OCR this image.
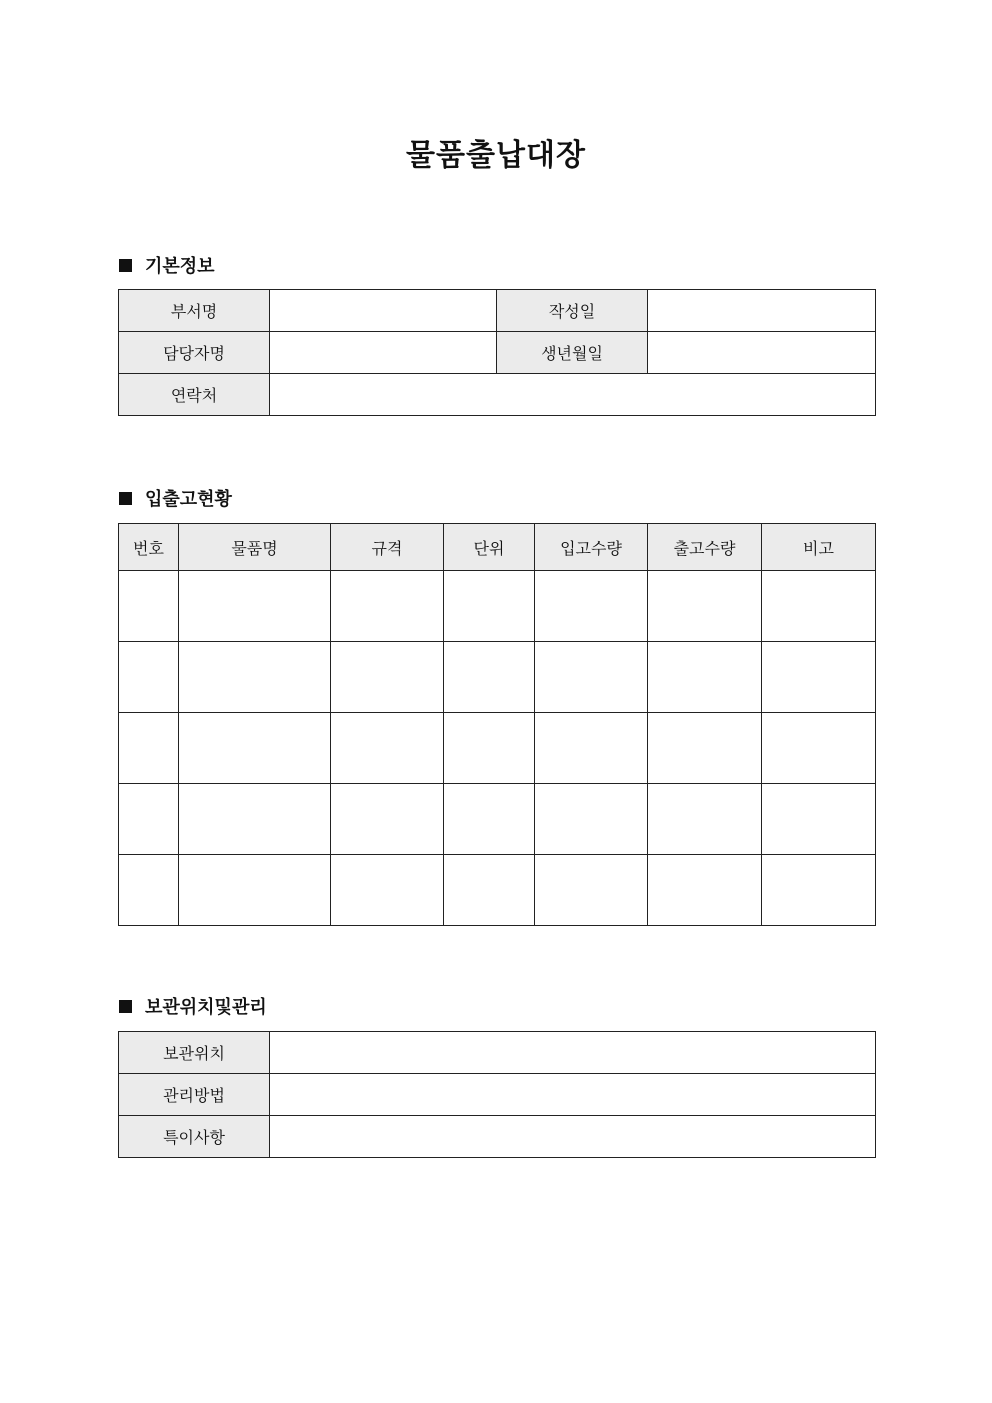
물품출납대장
기본정보
부서명		작성일	
담당자명		생년월일	
연락처			
입출고현황
번호	물품명	규격	단위	입고수량	출고수량	비고

보관위치및관리
보관위치	
관리방법	
특이사항	
